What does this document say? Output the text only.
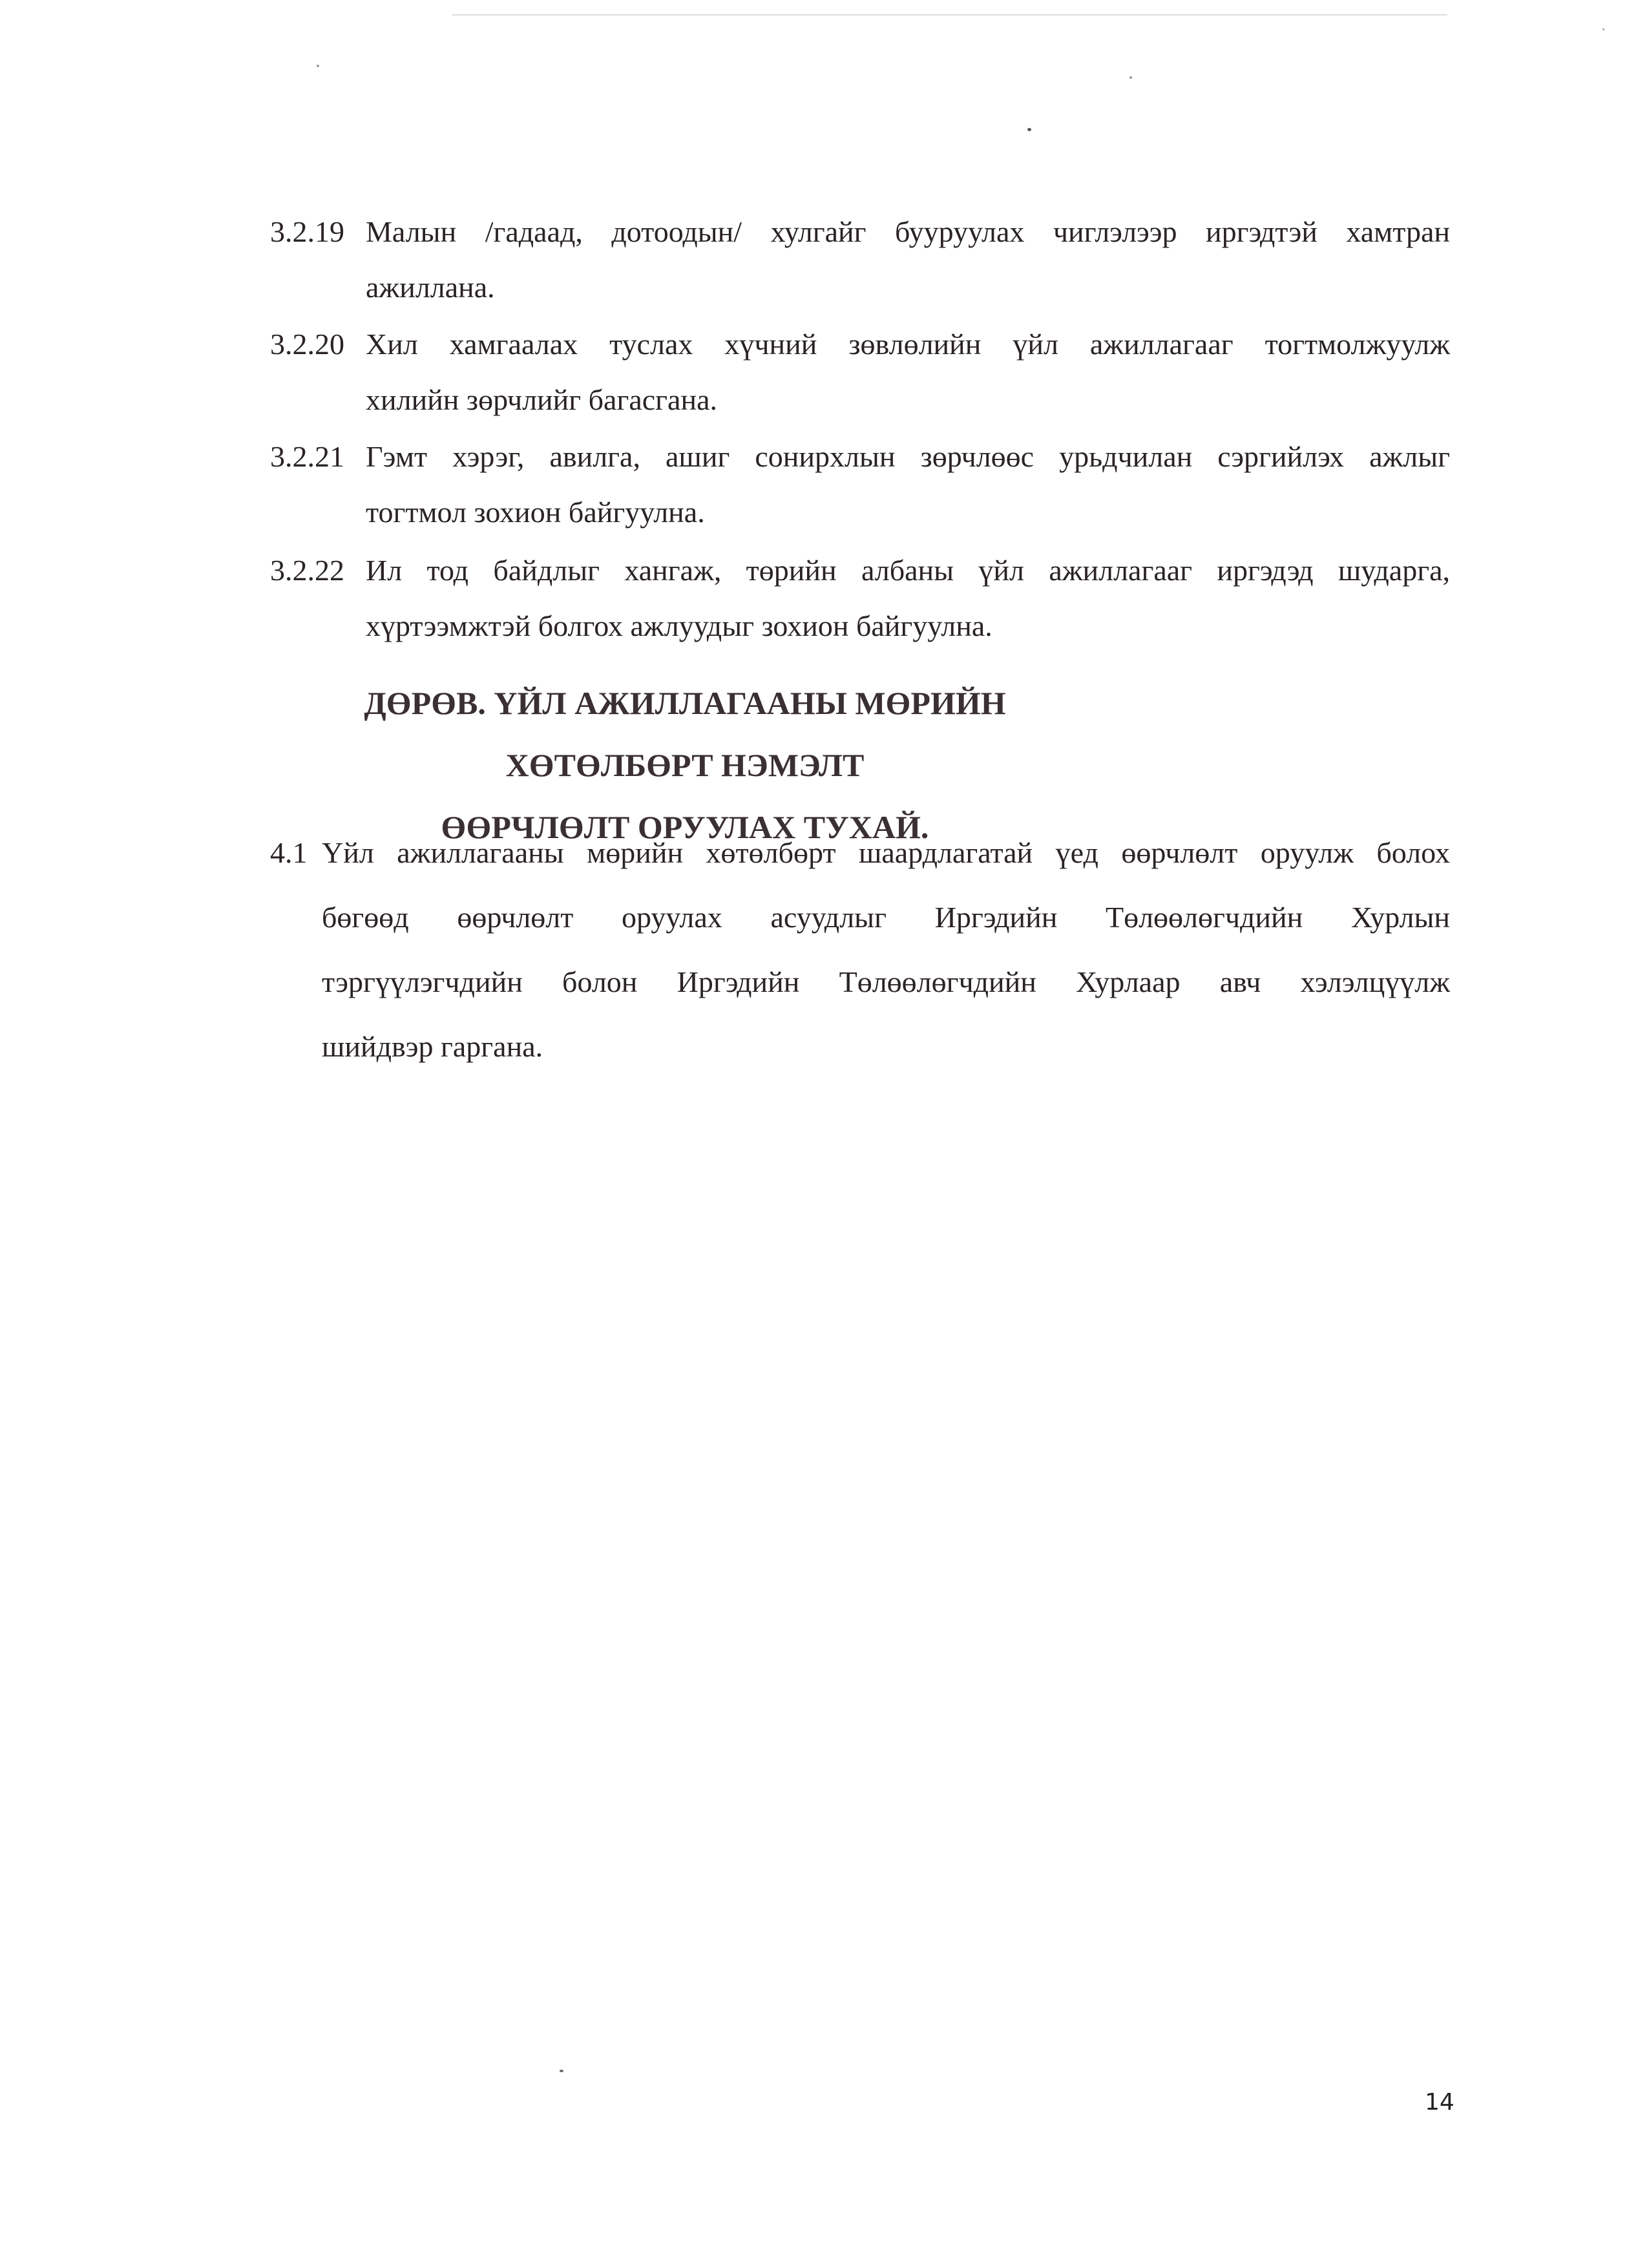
3.2.19 Малын /гадаад, дотоодын/ хулгайг бууруулах чиглэлээр иргэдтэй хамтран
ажиллана.
3.2.20 Хил хамгаалах туслах хүчний зөвлөлийн үйл ажиллагааг тогтмолжуулж
хилийн зөрчлийг багасгана.
3.2.21 Гэмт хэрэг, авилга, ашиг сонирхлын зөрчлөөс урьдчилан сэргийлэх ажлыг
тогтмол зохион байгуулна.
3.2.22 Ил тод байдлыг хангаж, төрийн албаны үйл ажиллагааг иргэдэд шударга,
хүртээмжтэй болгох ажлуудыг зохион байгуулна.
ДӨРӨВ. ҮЙЛ АЖИЛЛАГААНЫ МӨРИЙН ХӨТӨЛБӨРТ НЭМЭЛТ
ӨӨРЧЛӨЛТ ОРУУЛАХ ТУХАЙ.
4.1 Үйл ажиллагааны мөрийн хөтөлбөрт шаардлагатай үед өөрчлөлт оруулж болох
бөгөөд өөрчлөлт оруулах асуудлыг Иргэдийн Төлөөлөгчдийн Хурлын
тэргүүлэгчдийн болон Иргэдийн Төлөөлөгчдийн Хурлаар авч хэлэлцүүлж
шийдвэр гаргана.
14
